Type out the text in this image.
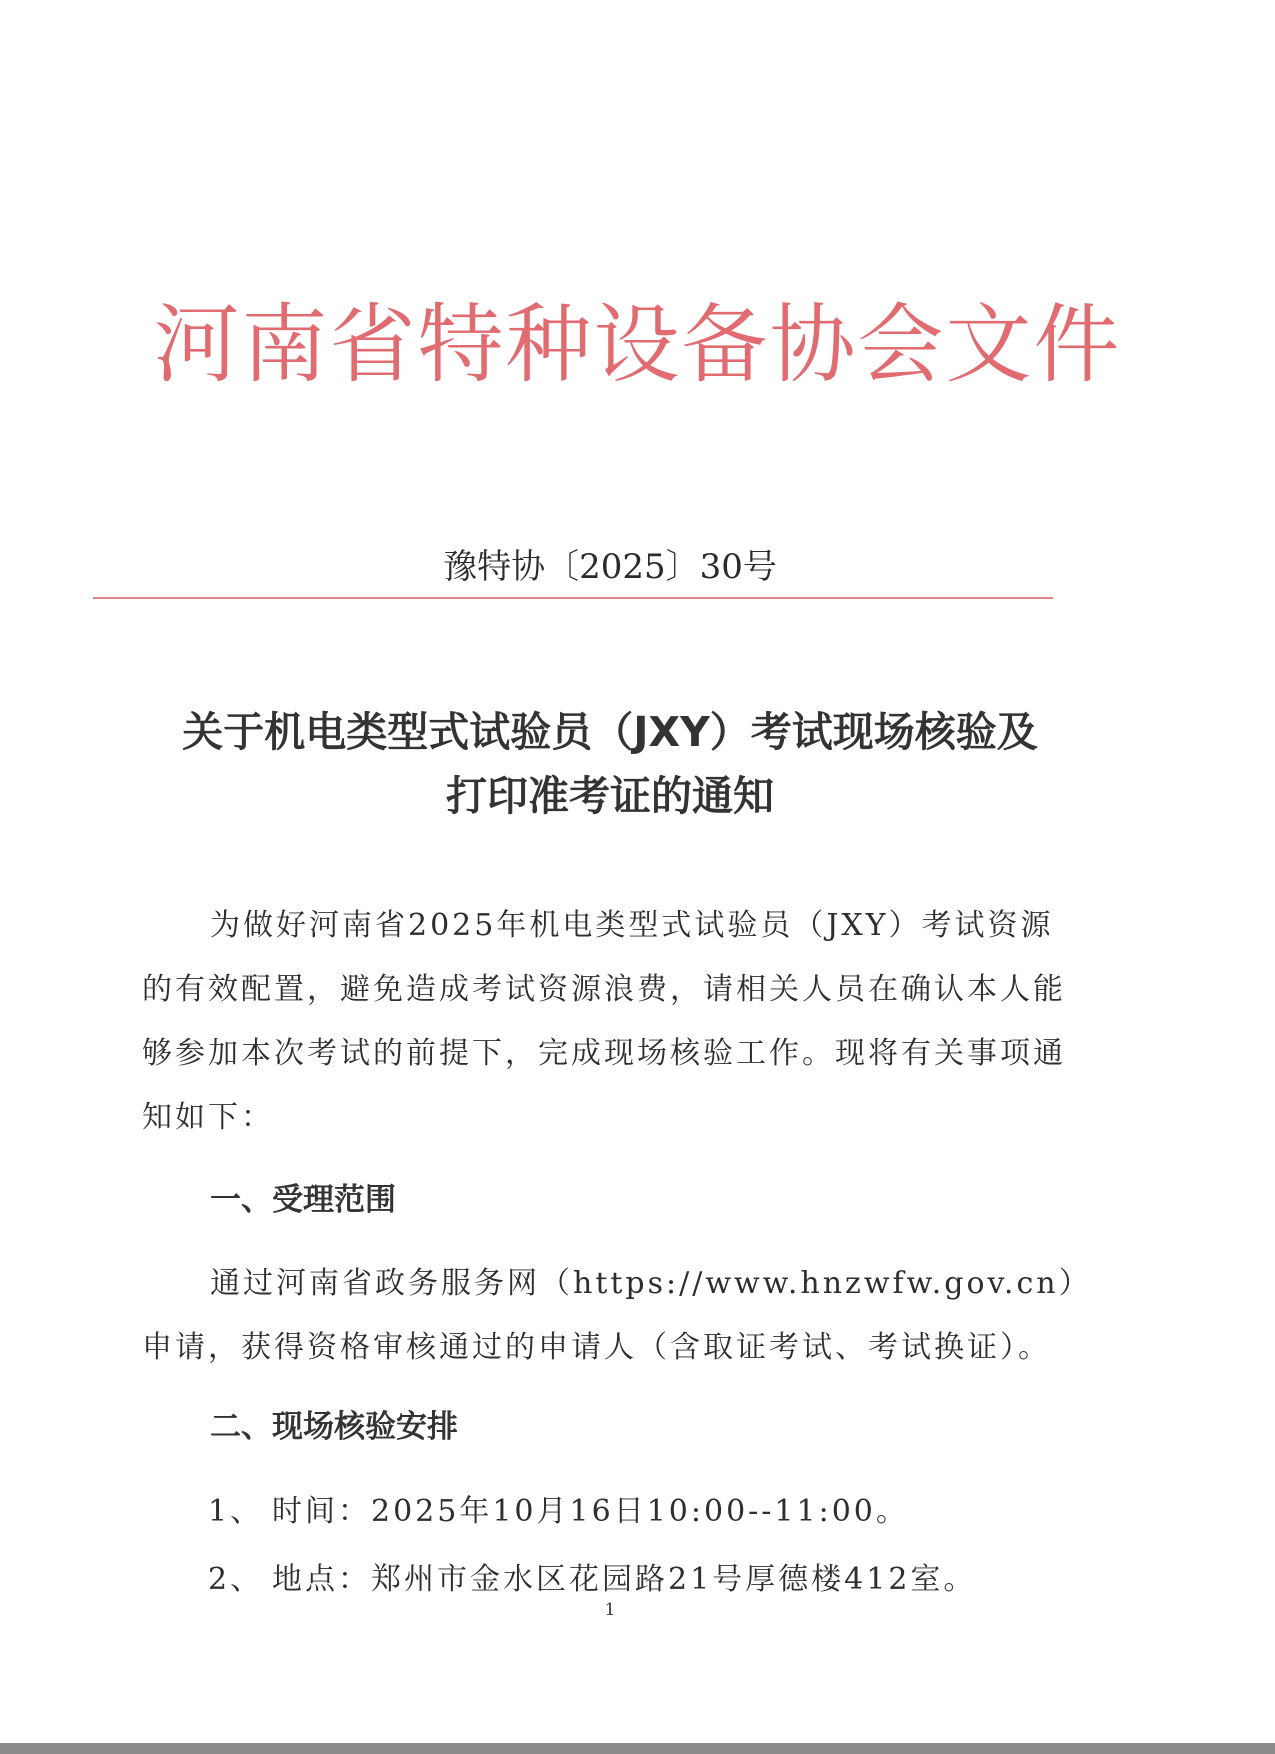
河南省特种设备协会文件
豫特协〔2025〕30号
关于机电类型式试验员（JXY）考试现场核验及
打印准考证的通知

为做好河南省2025年机电类型式试验员（JXY）考试资源的有效配置，避免造成考试资源浪费，请相关人员在确认本人能够参加本次考试的前提下，完成现场核验工作。现将有关事项通知如下：

一、受理范围

通过河南省政务服务网（https://www.hnzwfw.gov.cn）申请，获得资格审核通过的申请人（含取证考试、考试换证）。

二、现场核验安排

1、 时间：2025年10月16日10:00--11:00。

2、 地点：郑州市金水区花园路21号厚德楼412室。

1
